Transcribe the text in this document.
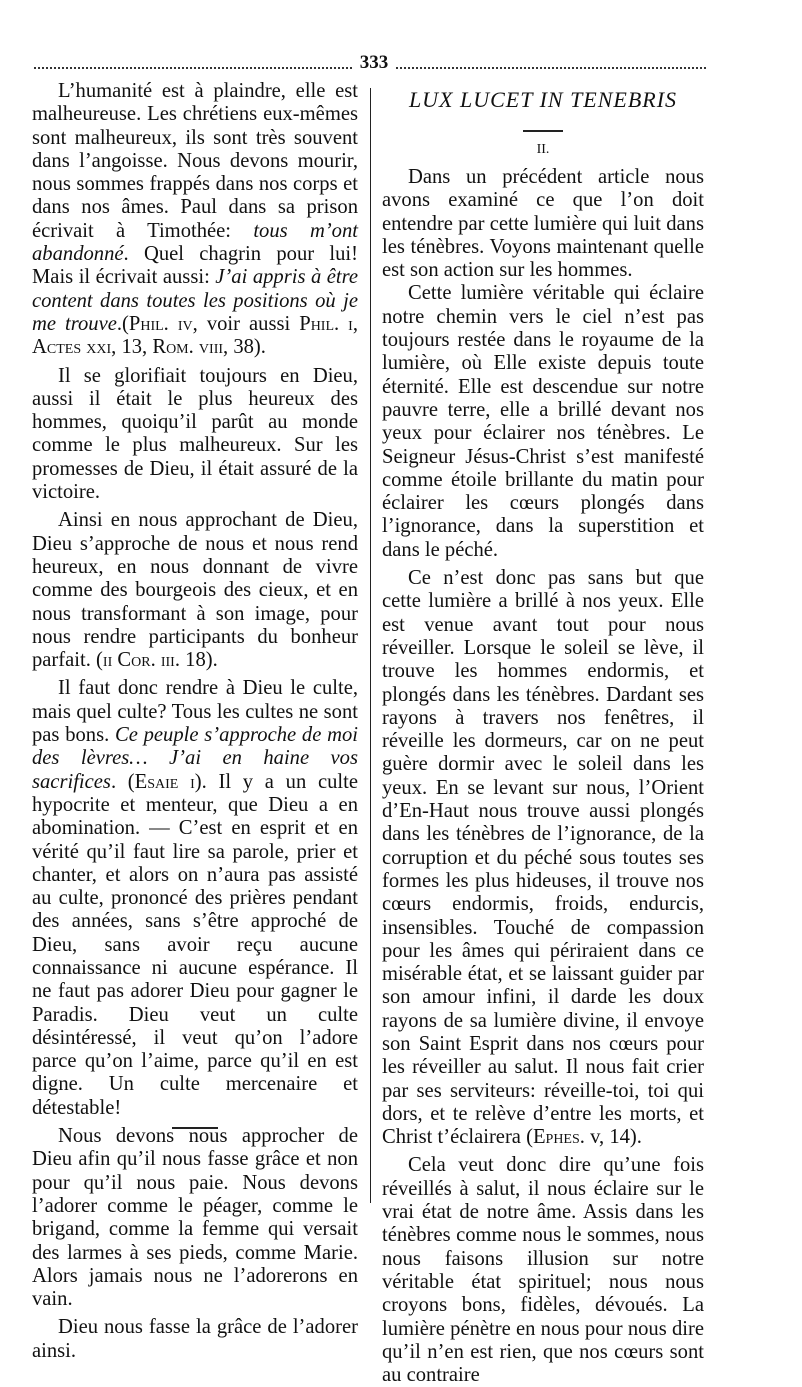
333

L’humanité est à plaindre, elle est malheureuse. Les chrétiens eux-mêmes sont malheureux, ils sont très souvent dans l’angoisse. Nous devons mourir, nous sommes frappés dans nos corps et dans nos âmes. Paul dans sa prison écrivait à Timothée: tous m’ont abandonné. Quel chagrin pour lui! Mais il écrivait aussi: J’ai appris à être content dans toutes les positions où je me trouve.(Phil. iv, voir aussi Phil. i, Actes xxi, 13, Rom. viii, 38).

Il se glorifiait toujours en Dieu, aussi il était le plus heureux des hommes, quoiqu’il parût au monde comme le plus malheureux. Sur les promesses de Dieu, il était assuré de la victoire.

Ainsi en nous approchant de Dieu, Dieu s’approche de nous et nous rend heureux, en nous donnant de vivre comme des bourgeois des cieux, et en nous transformant à son image, pour nous rendre participants du bonheur parfait. (ii Cor. iii. 18).

Il faut donc rendre à Dieu le culte, mais quel culte? Tous les cultes ne sont pas bons. Ce peuple s’approche de moi des lèvres… J’ai en haine vos sacrifices. (Esaie i). Il y a un culte hypocrite et menteur, que Dieu a en abomination. — C’est en esprit et en vérité qu’il faut lire sa parole, prier et chanter, et alors on n’aura pas assisté au culte, prononcé des prières pendant des années, sans s’être approché de Dieu, sans avoir reçu aucune connaissance ni aucune espérance. Il ne faut pas adorer Dieu pour gagner le Paradis. Dieu veut un culte désintéressé, il veut qu’on l’adore parce qu’on l’aime, parce qu’il en est digne. Un culte mercenaire et détestable!

Nous devons nous approcher de Dieu afin qu’il nous fasse grâce et non pour qu’il nous paie. Nous devons l’adorer comme le péager, comme le brigand, comme la femme qui versait des larmes à ses pieds, comme Marie. Alors jamais nous ne l’adorerons en vain.

Dieu nous fasse la grâce de l’adorer ainsi.

LUX LUCET IN TENEBRIS

II.

Dans un précédent article nous avons examiné ce que l’on doit entendre par cette lumière qui luit dans les ténèbres. Voyons maintenant quelle est son action sur les hommes.

Cette lumière véritable qui éclaire notre chemin vers le ciel n’est pas toujours restée dans le royaume de la lumière, où Elle existe depuis toute éternité. Elle est descendue sur notre pauvre terre, elle a brillé devant nos yeux pour éclairer nos ténèbres. Le Seigneur Jésus-Christ s’est manifesté comme étoile brillante du matin pour éclairer les cœurs plongés dans l’ignorance, dans la superstition et dans le péché.

Ce n’est donc pas sans but que cette lumière a brillé à nos yeux. Elle est venue avant tout pour nous réveiller. Lorsque le soleil se lève, il trouve les hommes endormis, et plongés dans les ténèbres. Dardant ses rayons à travers nos fenêtres, il réveille les dormeurs, car on ne peut guère dormir avec le soleil dans les yeux. En se levant sur nous, l’Orient d’En-Haut nous trouve aussi plongés dans les ténèbres de l’ignorance, de la corruption et du péché sous toutes ses formes les plus hideuses, il trouve nos cœurs endormis, froids, endurcis, insensibles. Touché de compassion pour les âmes qui périraient dans ce misérable état, et se laissant guider par son amour infini, il darde les doux rayons de sa lumière divine, il envoye son Saint Esprit dans nos cœurs pour les réveiller au salut. Il nous fait crier par ses serviteurs: réveille-toi, toi qui dors, et te relève d’entre les morts, et Christ t’éclairera (Ephes. v, 14).

Cela veut donc dire qu’une fois réveillés à salut, il nous éclaire sur le vrai état de notre âme. Assis dans les ténèbres comme nous le sommes, nous nous faisons illusion sur notre véritable état spirituel; nous nous croyons bons, fidèles, dévoués. La lumière pénètre en nous pour nous dire qu’il n’en est rien, que nos cœurs sont au contraire
